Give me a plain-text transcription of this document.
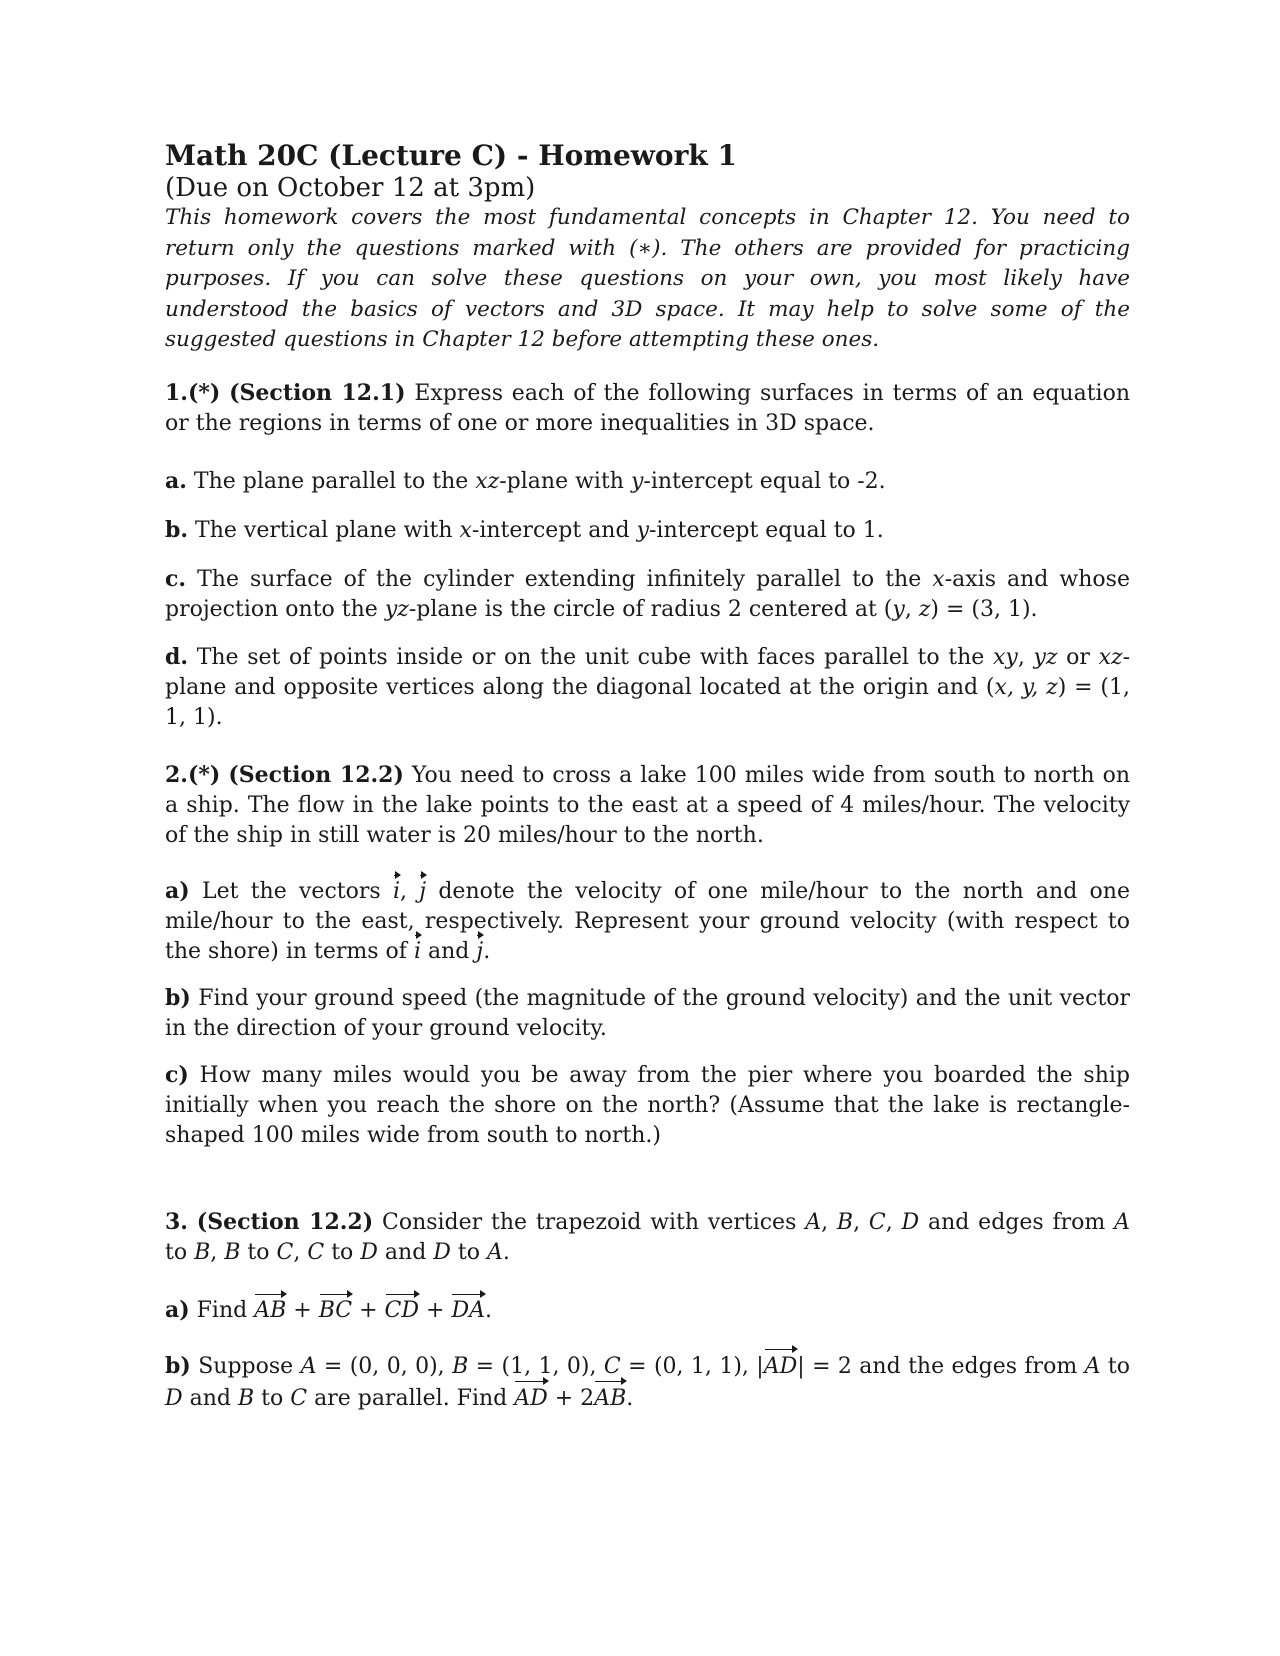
Math 20C (Lecture C) - Homework 1
(Due on October 12 at 3pm)
This homework covers the most fundamental concepts in Chapter 12. You need to return only the questions marked with (∗). The others are provided for practicing purposes. If you can solve these questions on your own, you most likely have understood the basics of vectors and 3D space. It may help to solve some of the suggested questions in Chapter 12 before attempting these ones.
1.(*) (Section 12.1) Express each of the following surfaces in terms of an equation or the regions in terms of one or more inequalities in 3D space.
a. The plane parallel to the xz-plane with y-intercept equal to -2.
b. The vertical plane with x-intercept and y-intercept equal to 1.
c. The surface of the cylinder extending infinitely parallel to the x-axis and whose projection onto the yz-plane is the circle of radius 2 centered at (y, z) = (3, 1).
d. The set of points inside or on the unit cube with faces parallel to the xy, yz or xz-plane and opposite vertices along the diagonal located at the origin and (x, y, z) = (1, 1, 1).
2.(*) (Section 12.2) You need to cross a lake 100 miles wide from south to north on a ship. The flow in the lake points to the east at a speed of 4 miles/hour. The velocity of the ship in still water is 20 miles/hour to the north.
a) Let the vectors i, j denote the velocity of one mile/hour to the north and one mile/hour to the east, respectively. Represent your ground velocity (with respect to the shore) in terms of i and j.
b) Find your ground speed (the magnitude of the ground velocity) and the unit vector in the direction of your ground velocity.
c) How many miles would you be away from the pier where you boarded the ship initially when you reach the shore on the north? (Assume that the lake is rectangle-shaped 100 miles wide from south to north.)
3. (Section 12.2) Consider the trapezoid with vertices A, B, C, D and edges from A to B, B to C, C to D and D to A.
a) Find AB + BC + CD + DA.
b) Suppose A = (0, 0, 0), B = (1, 1, 0), C = (0, 1, 1), |AD| = 2 and the edges from A to D and B to C are parallel. Find AD + 2AB.
